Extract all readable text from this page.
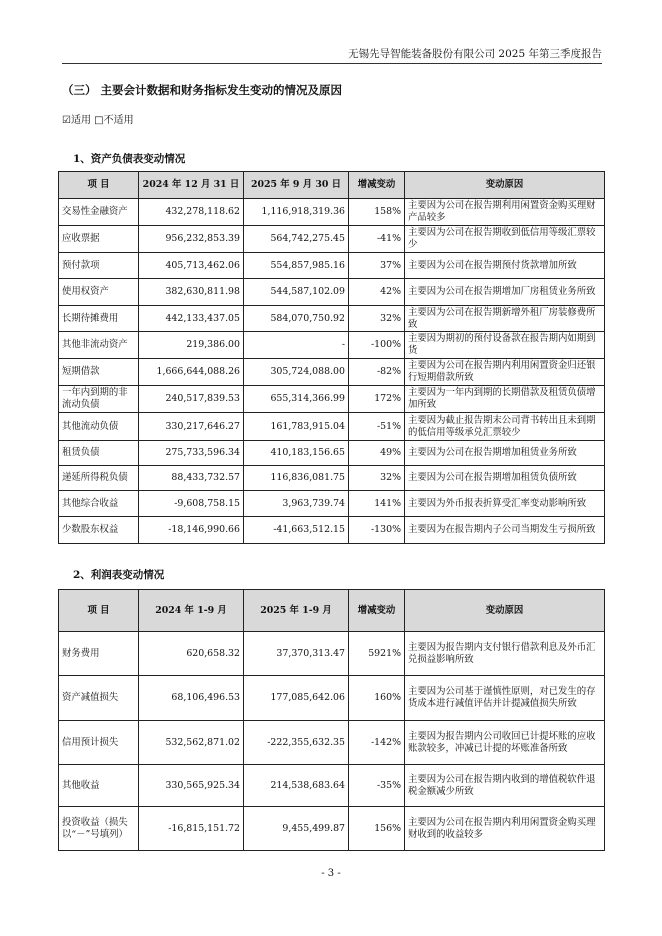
无锡先导智能装备股份有限公司 2025 年第三季度报告
（三） 主要会计数据和财务指标发生变动的情况及原因
☑适用 □不适用
1、资产负债表变动情况
项 目	2024 年 12 月 31 日	2025 年 9 月 30 日	增减变动	变动原因
交易性金融资产	432,278,118.62	1,116,918,319.36	158%	主要因为公司在报告期利用闲置资金购买理财产品较多
应收票据	956,232,853.39	564,742,275.45	-41%	主要因为公司在报告期收到低信用等级汇票较少
预付款项	405,713,462.06	554,857,985.16	37%	主要因为公司在报告期预付货款增加所致
使用权资产	382,630,811.98	544,587,102.09	42%	主要因为公司在报告期增加厂房租赁业务所致
长期待摊费用	442,133,437.05	584,070,750.92	32%	主要因为公司在报告期新增外租厂房装修费所致
其他非流动资产	219,386.00	-	-100%	主要因为期初的预付设备款在报告期内如期到货
短期借款	1,666,644,088.26	305,724,088.00	-82%	主要因为公司在报告期内利用闲置资金归还银行短期借款所致
一年内到期的非流动负债	240,517,839.53	655,314,366.99	172%	主要因为一年内到期的长期借款及租赁负债增加所致
其他流动负债	330,217,646.27	161,783,915.04	-51%	主要因为截止报告期末公司背书转出且未到期的低信用等级承兑汇票较少
租赁负债	275,733,596.34	410,183,156.65	49%	主要因为公司在报告期增加租赁业务所致
递延所得税负债	88,433,732.57	116,836,081.75	32%	主要因为公司在报告期增加租赁负债所致
其他综合收益	-9,608,758.15	3,963,739.74	141%	主要因为外币报表折算受汇率变动影响所致
少数股东权益	-18,146,990.66	-41,663,512.15	-130%	主要因为在报告期内子公司当期发生亏损所致
2、利润表变动情况
项 目	2024 年 1-9 月	2025 年 1-9 月	增减变动	变动原因
财务费用	620,658.32	37,370,313.47	5921%	主要因为报告期内支付银行借款利息及外币汇兑损益影响所致
资产减值损失	68,106,496.53	177,085,642.06	160%	主要因为公司基于谨慎性原则，对已发生的存货成本进行减值评估并计提减值损失所致
信用预计损失	532,562,871.02	-222,355,632.35	-142%	主要因为报告期内公司收回已计提坏账的应收账款较多，冲减已计提的坏账准备所致
其他收益	330,565,925.34	214,538,683.64	-35%	主要因为公司在报告期内收到的增值税软件退税金额减少所致
投资收益（损失以“－”号填列）	-16,815,151.72	9,455,499.87	156%	主要因为公司在报告期内利用闲置资金购买理财收到的收益较多
- 3 -
